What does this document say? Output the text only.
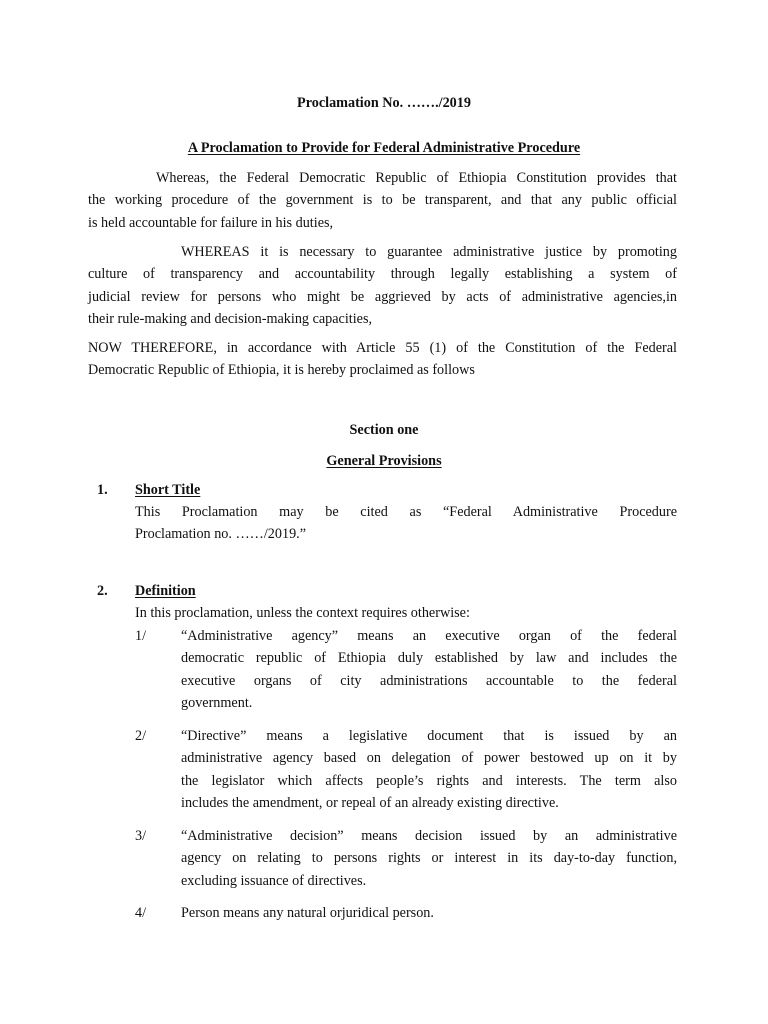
Proclamation No. ……./2019
A Proclamation to Provide for Federal Administrative Procedure
Whereas, the Federal Democratic Republic of Ethiopia Constitution provides that
the working procedure of the government is to be transparent, and that any public official
is held accountable for failure in his duties,
WHEREAS it is necessary to guarantee administrative justice by promoting
culture of transparency and accountability through legally establishing a system of
judicial review for persons who might be aggrieved by acts of administrative agencies,in
their rule-making and decision-making capacities,
NOW THEREFORE, in accordance with Article 55 (1) of the Constitution of the Federal
Democratic Republic of Ethiopia, it is hereby proclaimed as follows
Section one
General Provisions
1. Short Title
This Proclamation may be cited as “Federal Administrative Procedure
Proclamation no. ……/2019.”
2. Definition
In this proclamation, unless the context requires otherwise:
1/ “Administrative agency” means an executive organ of the federal
democratic republic of Ethiopia duly established by law and includes the
executive organs of city administrations accountable to the federal
government.
2/ “Directive” means a legislative document that is issued by an
administrative agency based on delegation of power bestowed up on it by
the legislator which affects people’s rights and interests. The term also
includes the amendment, or repeal of an already existing directive.
3/ “Administrative decision” means decision issued by an administrative
agency on relating to persons rights or interest in its day-to-day function,
excluding issuance of directives.
4/ Person means any natural orjuridical person.
